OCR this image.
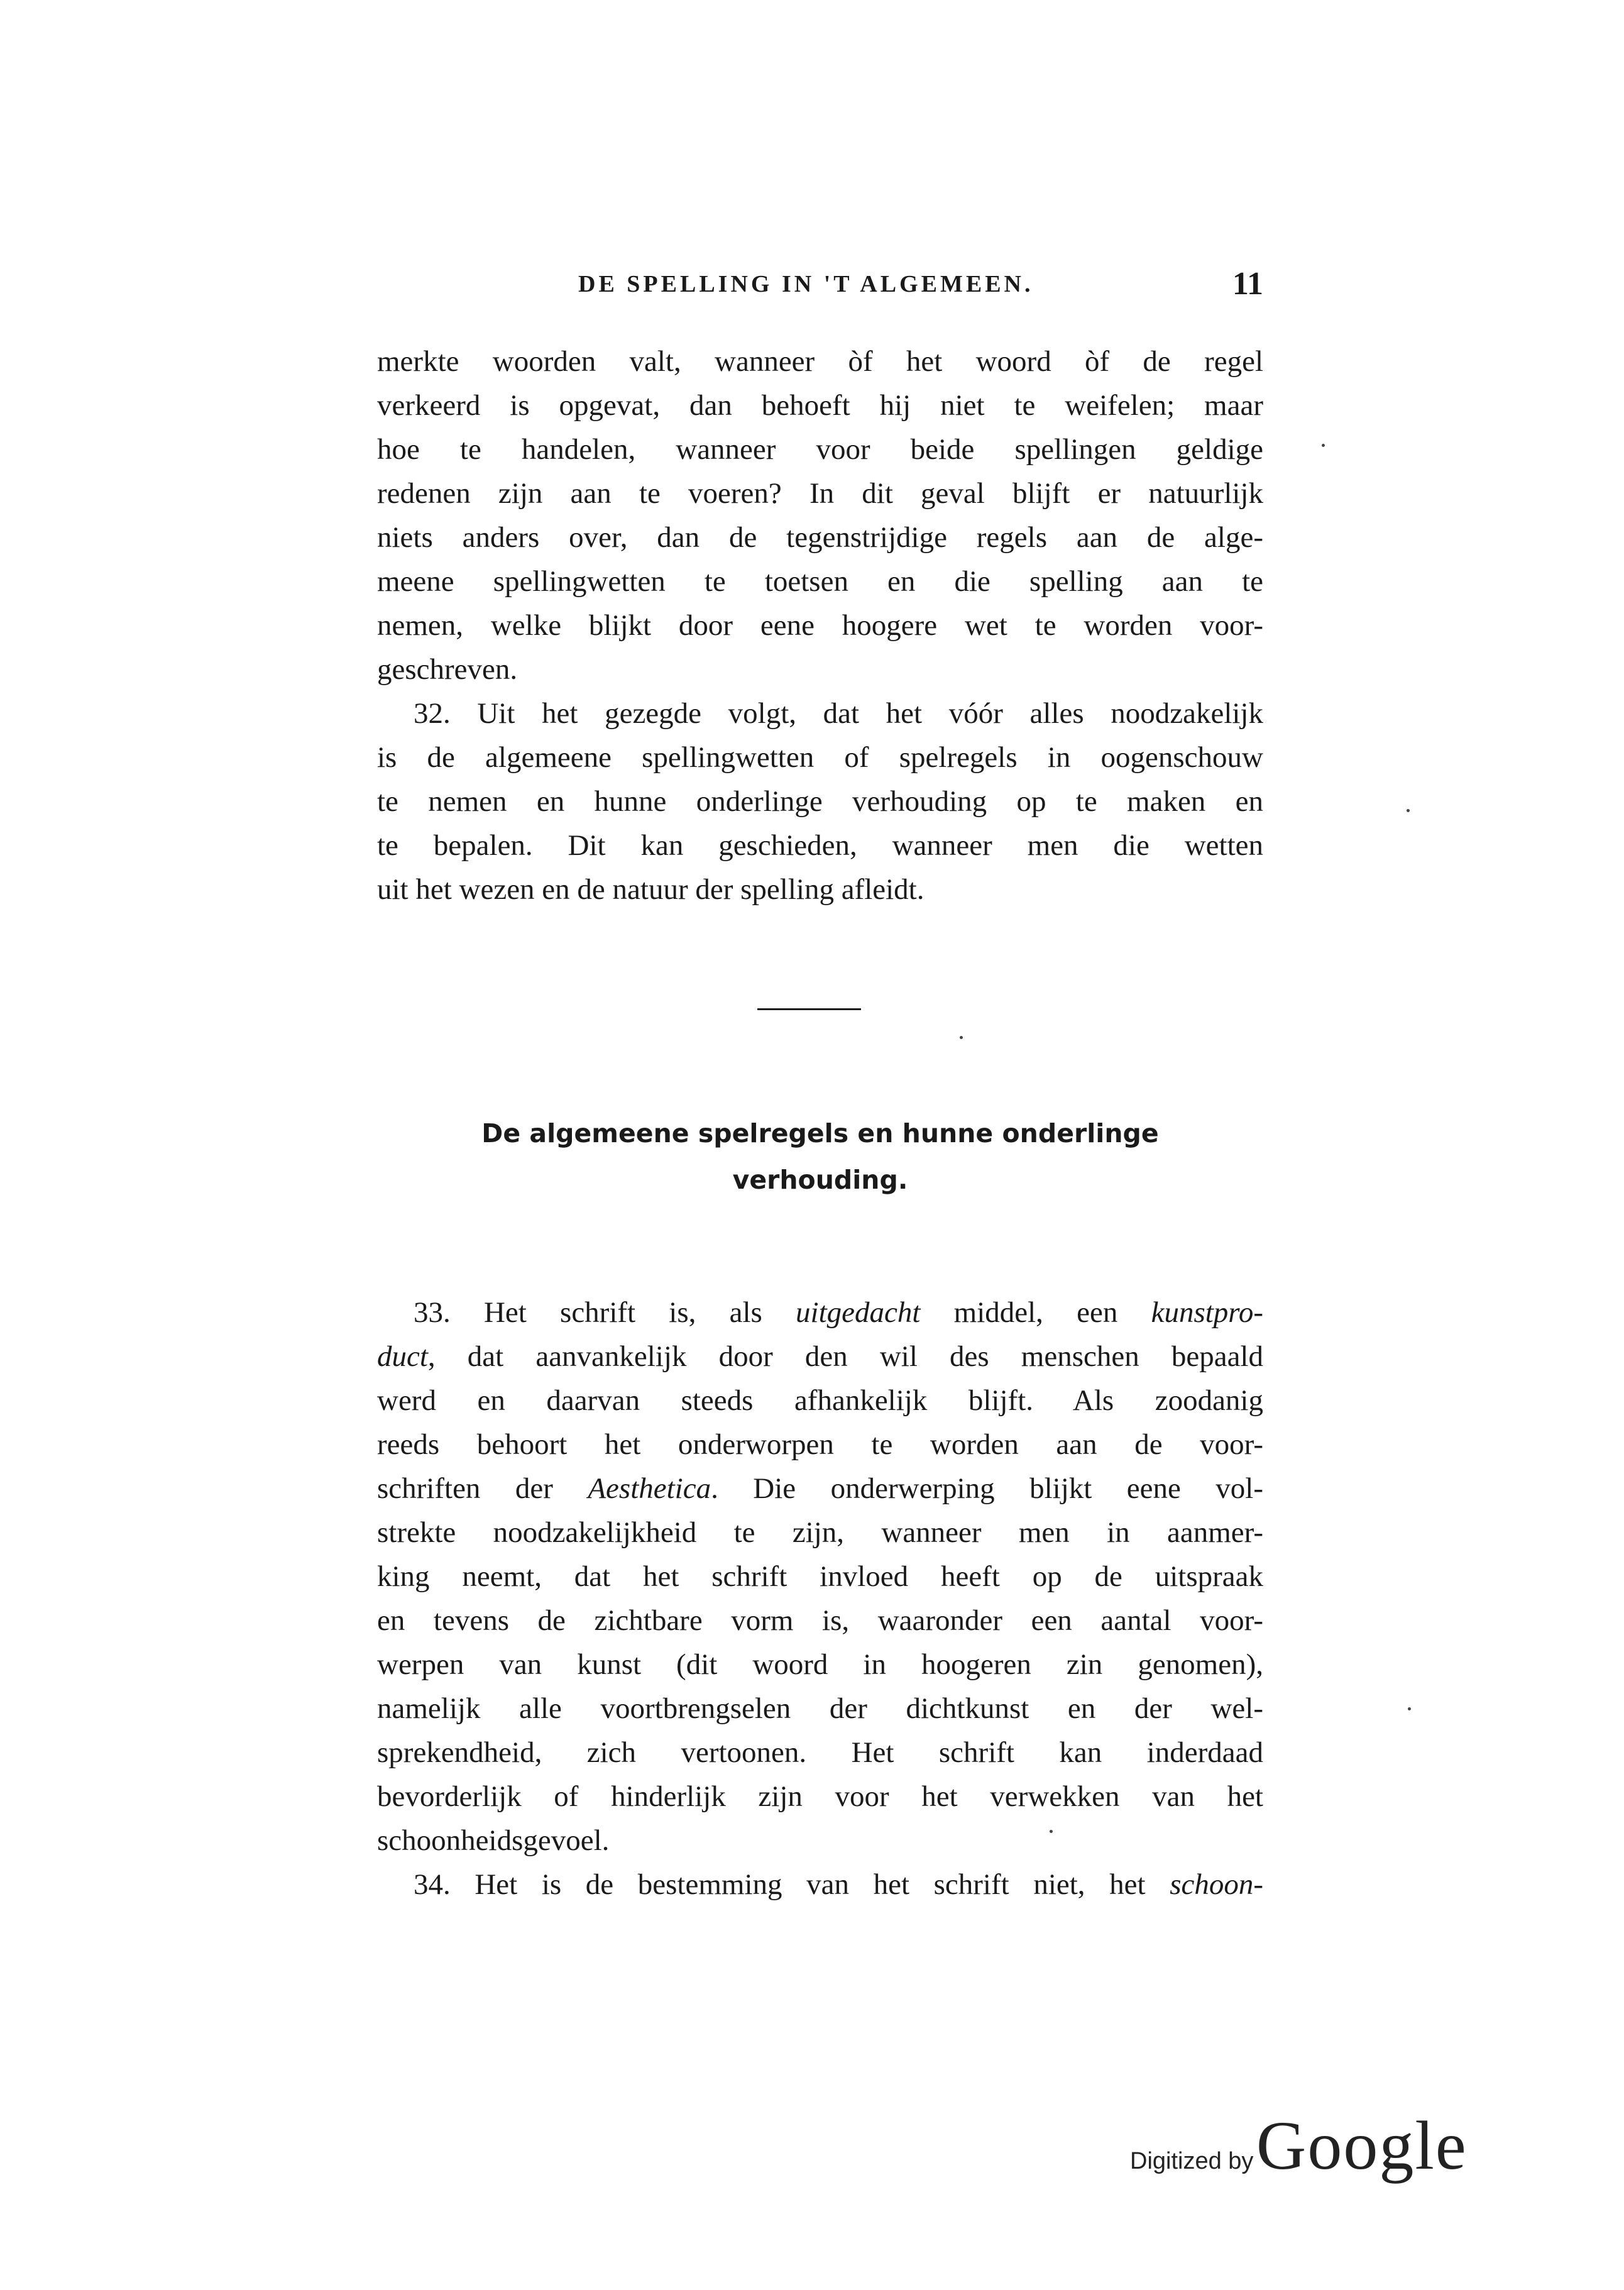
DE SPELLING IN 'T ALGEMEEN.	11
merkte woorden valt, wanneer òf het woord òf de regel
verkeerd is opgevat, dan behoeft hij niet te weifelen; maar
hoe te handelen, wanneer voor beide spellingen geldige
redenen zijn aan te voeren? In dit geval blijft er natuurlijk
niets anders over, dan de tegenstrijdige regels aan de alge-
meene spellingwetten te toetsen en die spelling aan te
nemen, welke blijkt door eene hoogere wet te worden voor-
geschreven.
32. Uit het gezegde volgt, dat het vóór alles noodzakelijk
is de algemeene spellingwetten of spelregels in oogenschouw
te nemen en hunne onderlinge verhouding op te maken en
te bepalen. Dit kan geschieden, wanneer men die wetten
uit het wezen en de natuur der spelling afleidt.
De algemeene spelregels en hunne onderlinge
verhouding.
33. Het schrift is, als uitgedacht middel, een kunstpro-
duct, dat aanvankelijk door den wil des menschen bepaald
werd en daarvan steeds afhankelijk blijft. Als zoodanig
reeds behoort het onderworpen te worden aan de voor-
schriften der Aesthetica. Die onderwerping blijkt eene vol-
strekte noodzakelijkheid te zijn, wanneer men in aanmer-
king neemt, dat het schrift invloed heeft op de uitspraak
en tevens de zichtbare vorm is, waaronder een aantal voor-
werpen van kunst (dit woord in hoogeren zin genomen),
namelijk alle voortbrengselen der dichtkunst en der wel-
sprekendheid, zich vertoonen. Het schrift kan inderdaad
bevorderlijk of hinderlijk zijn voor het verwekken van het
schoonheidsgevoel.
34. Het is de bestemming van het schrift niet, het schoon-
Digitized by Google
